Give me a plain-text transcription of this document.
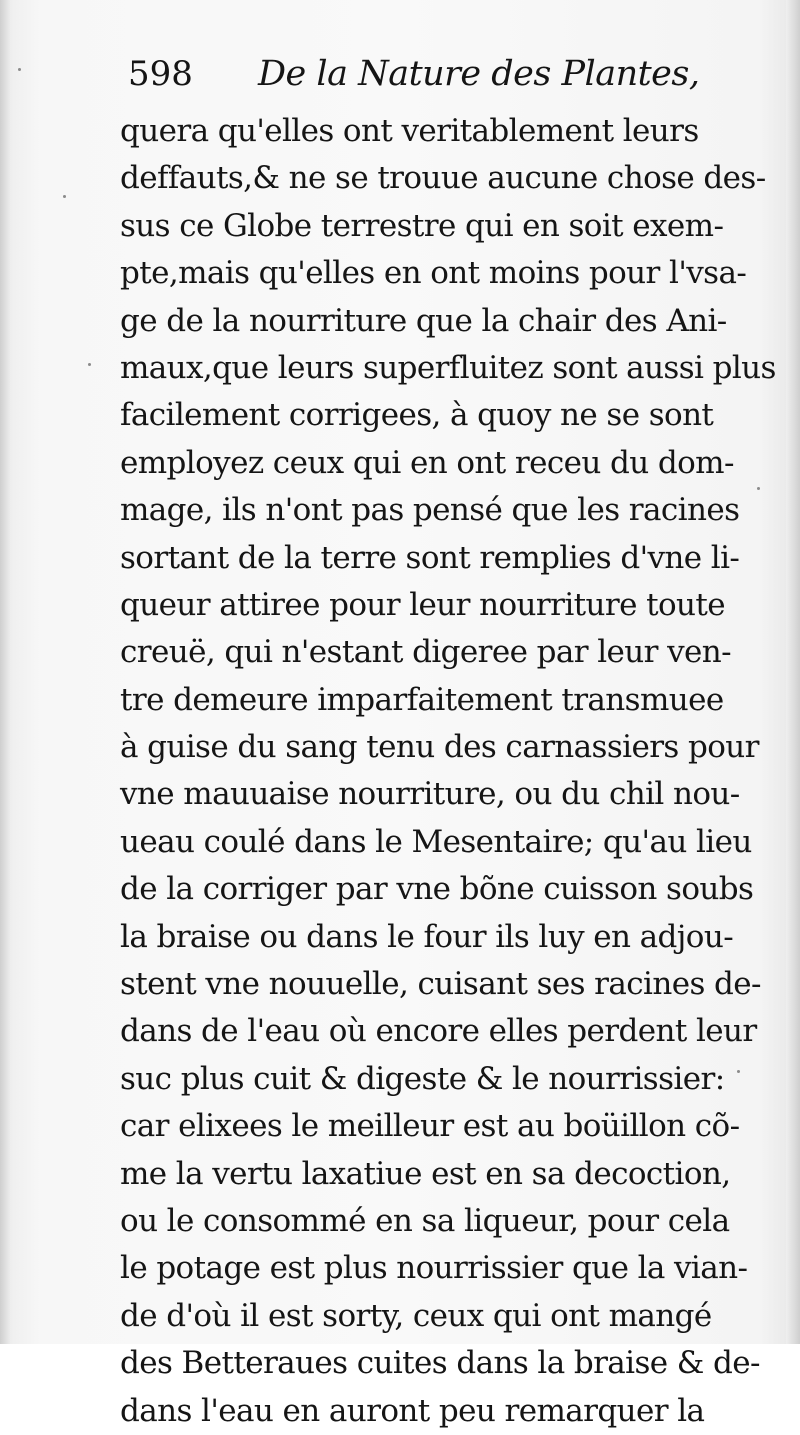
598 De la Nature des Plantes,
quera qu'elles ont veritablement leurs
deffauts,& ne se trouue aucune chose des-
sus ce Globe terrestre qui en soit exem-
pte,mais qu'elles en ont moins pour l'vsa-
ge de la nourriture que la chair des Ani-
maux,que leurs superfluitez sont aussi plus
facilement corrigees, à quoy ne se sont
employez ceux qui en ont receu du dom-
mage, ils n'ont pas pensé que les racines
sortant de la terre sont remplies d'vne li-
queur attiree pour leur nourriture toute
creuë, qui n'estant digeree par leur ven-
tre demeure imparfaitement transmuee
à guise du sang tenu des carnassiers pour
vne mauuaise nourriture, ou du chil nou-
ueau coulé dans le Mesentaire; qu'au lieu
de la corriger par vne bõne cuisson soubs
la braise ou dans le four ils luy en adjou-
stent vne nouuelle, cuisant ses racines de-
dans de l'eau où encore elles perdent leur
suc plus cuit & digeste & le nourrissier:
car elixees le meilleur est au boüillon cõ-
me la vertu laxatiue est en sa decoction,
ou le consommé en sa liqueur, pour cela
le potage est plus nourrissier que la vian-
de d'où il est sorty, ceux qui ont mangé
des Betteraues cuites dans la braise & de-
dans l'eau en auront peu remarquer la
